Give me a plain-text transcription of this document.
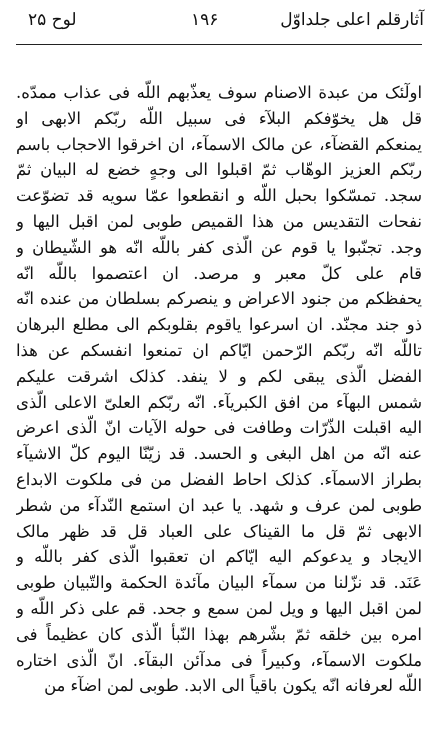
لوح ۲۵	۱۹۶	آثارقلم اعلی جلداوّل
اولٓئک من عبدة الاصنام سوف يعذّبهم اللّه فی عذاب ممدّه.
قل هل يخوّفکم البلآء فی سبيل اللّه ربّکم الابهی او
يمنعکم القضآء، عن مالک الاسمآء، ان اخرقوا الاحجاب باسم
ربّکم العزيز الوهّاب ثمّ اقبلوا الی وجهٍ خضع له البيان ثمّ
سجد. تمسّکوا بحبل اللّه و انقطعوا عمّا سويه قد تضوّعت
نفحات التقديس من هذا القميص طوبی لمن اقبل اليها و
وجد. تجنّبوا يا قوم عن الّذی کفر باللّه انّه هو الشّيطان و
قام علی کلّ معبر و مرصد. ان اعتصموا باللّه انّه
يحفظکم من جنود الاعراض و ينصرکم بسلطان من عنده انّه
ذو جند مجنّد. ان اسرعوا ياقوم بقلوبکم الی مطلع البرهان
تاللّه انّه ربّکم الرّحمن ايّاکم ان تمنعوا انفسکم عن هذا
الفضل الّذی يبقی لکم و لا ينفد. کذلک اشرقت عليکم
شمس البهآء من افق الکبريآء. انّه ربّکم العلیّ الاعلی الّذی
اليه اقبلت الذّرّات وطافت فی حوله الآيات انّ الّذی اعرض
عنه انّه من اهل البغی و الحسد. قد زيّنّا اليوم کلّ الاشيآء
بطراز الاسمآء. کذلک احاط الفضل من فی ملکوت الابداع
طوبی لمن عرف و شهد. يا عبد ان استمع النّدآء من شطر
الابهی ثمّ قل ما القيناک علی العباد قل قد ظهر مالک
الايجاد و يدعوکم اليه ايّاکم ان تعقبوا الّذی کفر باللّه و
عَنَد. قد نزّلنا من سمآء البيان مآئدة الحکمة والتّبيان طوبی
لمن اقبل اليها و ويل لمن سمع و جحد. قم علی ذکر اللّه و
امره بين خلقه ثمّ بشّرهم بهذا النّبأ الّذی کان عظيماً فی
ملکوت الاسمآء، وکبيراً فی مدآئن البقآء. انّ الّذی اختاره
اللّه لعرفانه انّه يکون باقياً الی الابد. طوبی لمن اضآء من
